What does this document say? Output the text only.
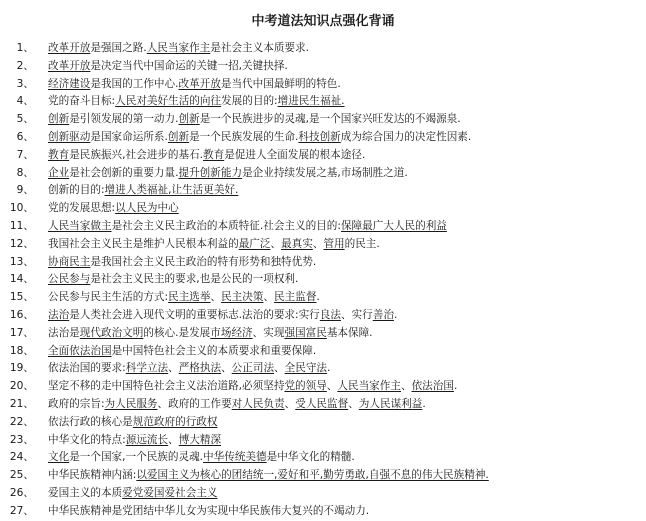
中考道法知识点强化背诵
1、 改革开放是强国之路.人民当家作主是社会主义本质要求.
2、 改革开放是决定当代中国命运的关键一招,关键抉择.
3、 经济建设是我国的工作中心.改革开放是当代中国最鲜明的特色.
4、 党的奋斗目标:人民对美好生活的向往发展的目的:增进民生福祉.
5、 创新是引领发展的第一动力.创新是一个民族进步的灵魂,是一个国家兴旺发达的不竭源泉.
6、 创新驱动是国家命运所系.创新是一个民族发展的生命.科技创新成为综合国力的决定性因素.
7、 教育是民族振兴,社会进步的基石.教育是促进人全面发展的根本途径.
8、 企业是社会创新的重要力量.提升创新能力是企业持续发展之基,市场制胜之道.
9、 创新的目的:增进人类福祉,让生活更美好.
10、 党的发展思想:以人民为中心
11、 人民当家做主是社会主义民主政治的本质特征.社会主义的目的:保障最广大人民的利益
12、 我国社会主义民主是维护人民根本利益的最广泛、最真实、管用的民主.
13、 协商民主是我国社会主义民主政治的特有形势和独特优势.
14、 公民参与是社会主义民主的要求,也是公民的一项权利.
15、 公民参与民主生活的方式:民主选举、民主决策、民主监督.
16、 法治是人类社会进入现代文明的重要标志.法治的要求:实行良法、实行善治.
17、 法治是现代政治文明的核心.是发展市场经济、实现强国富民基本保障.
18、 全面依法治国是中国特色社会主义的本质要求和重要保障.
19、 依法治国的要求:科学立法、严格执法、公正司法、全民守法.
20、 坚定不移的走中国特色社会主义法治道路,必须坚持党的领导、人民当家作主、依法治国.
21、 政府的宗旨:为人民服务、政府的工作要对人民负责、受人民监督、为人民谋利益.
22、 依法行政的核心是规范政府的行政权
23、 中华文化的特点:源远流长、博大精深
24、 文化是一个国家,一个民族的灵魂.中华传统美德是中华文化的精髓.
25、 中华民族精神内涵:以爱国主义为核心的团结统一,爱好和平,勤劳勇敢,自强不息的伟大民族精神.
26、 爱国主义的本质爱党爱国爱社会主义
27、 中华民族精神是党团结中华儿女为实现中华民族伟大复兴的不竭动力.
